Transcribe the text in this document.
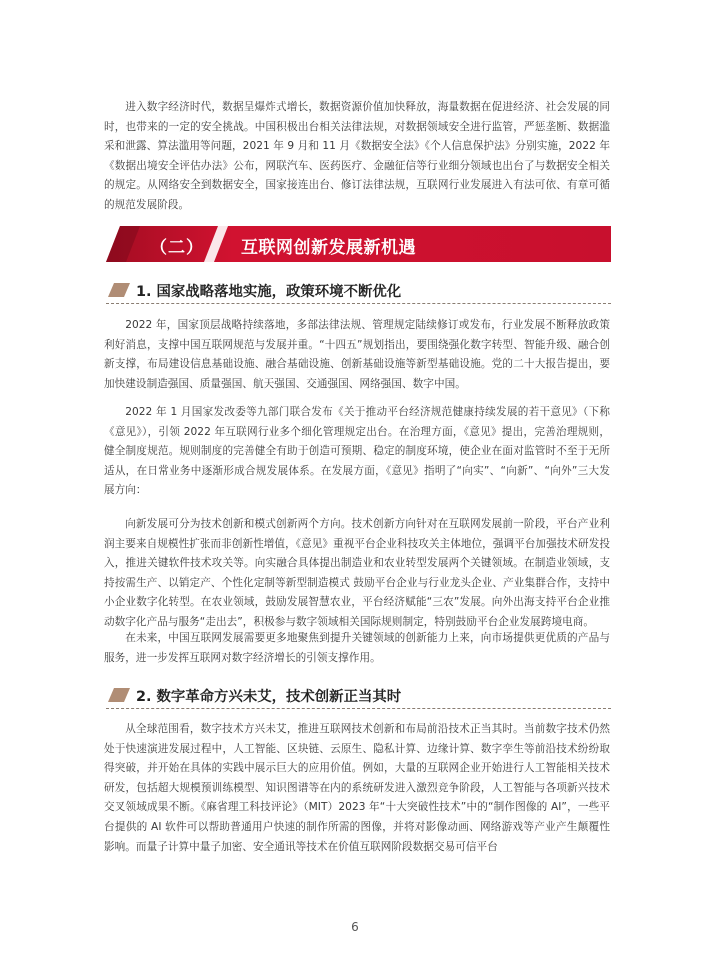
进入数字经济时代，数据呈爆炸式增长，数据资源价值加快释放，海量数据在促进经济、社会发展的同时，也带来的一定的安全挑战。中国积极出台相关法律法规，对数据领域安全进行监管，严惩垄断、数据滥采和泄露、算法滥用等问题，2021 年 9 月和 11 月《数据安全法》《个人信息保护法》分别实施，2022 年《数据出境安全评估办法》公布，网联汽车、医药医疗、金融征信等行业细分领域也出台了与数据安全相关的规定。从网络安全到数据安全，国家接连出台、修订法律法规，互联网行业发展进入有法可依、有章可循的规范发展阶段。

（二） 互联网创新发展新机遇
1. 国家战略落地实施，政策环境不断优化

2022 年，国家顶层战略持续落地，多部法律法规、管理规定陆续修订或发布，行业发展不断释放政策利好消息，支撑中国互联网规范与发展并重。“十四五”规划指出，要围绕强化数字转型、智能升级、融合创新支撑，布局建设信息基础设施、融合基础设施、创新基础设施等新型基础设施。党的二十大报告提出，要加快建设制造强国、质量强国、航天强国、交通强国、网络强国、数字中国。

2022 年 1 月国家发改委等九部门联合发布《关于推动平台经济规范健康持续发展的若干意见》（下称《意见》），引领 2022 年互联网行业多个细化管理规定出台。在治理方面，《意见》提出，完善治理规则，健全制度规范。规则制度的完善健全有助于创造可预期、稳定的制度环境，使企业在面对监管时不至于无所适从，在日常业务中逐渐形成合规发展体系。在发展方面，《意见》指明了“向实”、“向新”、“向外”三大发展方向：

向新发展可分为技术创新和模式创新两个方向。技术创新方向针对在互联网发展前一阶段，平台产业利润主要来自规模性扩张而非创新性增值，《意见》重视平台企业科技攻关主体地位，强调平台加强技术研发投入，推进关键软件技术攻关等。向实融合具体提出制造业和农业转型发展两个关键领域。在制造业领域，支持按需生产、以销定产、个性化定制等新型制造模式 鼓励平台企业与行业龙头企业、产业集群合作，支持中小企业数字化转型。在农业领域，鼓励发展智慧农业，平台经济赋能“三农”发展。向外出海支持平台企业推动数字化产品与服务“走出去”，积极参与数字领域相关国际规则制定，特别鼓励平台企业发展跨境电商。

在未来，中国互联网发展需要更多地聚焦到提升关键领域的创新能力上来，向市场提供更优质的产品与服务，进一步发挥互联网对数字经济增长的引领支撑作用。

2. 数字革命方兴未艾，技术创新正当其时

从全球范围看，数字技术方兴未艾，推进互联网技术创新和布局前沿技术正当其时。当前数字技术仍然处于快速演进发展过程中，人工智能、区块链、云原生、隐私计算、边缘计算、数字孪生等前沿技术纷纷取得突破，并开始在具体的实践中展示巨大的应用价值。例如，大量的互联网企业开始进行人工智能相关技术研发，包括超大规模预训练模型、知识图谱等在内的系统研发进入激烈竞争阶段，人工智能与各项新兴技术交叉领域成果不断。《麻省理工科技评论》（MIT）2023 年“十大突破性技术”中的“制作图像的 AI”，一些平台提供的 AI 软件可以帮助普通用户快速的制作所需的图像，并将对影像动画、网络游戏等产业产生颠覆性影响。而量子计算中量子加密、安全通讯等技术在价值互联网阶段数据交易可信平台

6
